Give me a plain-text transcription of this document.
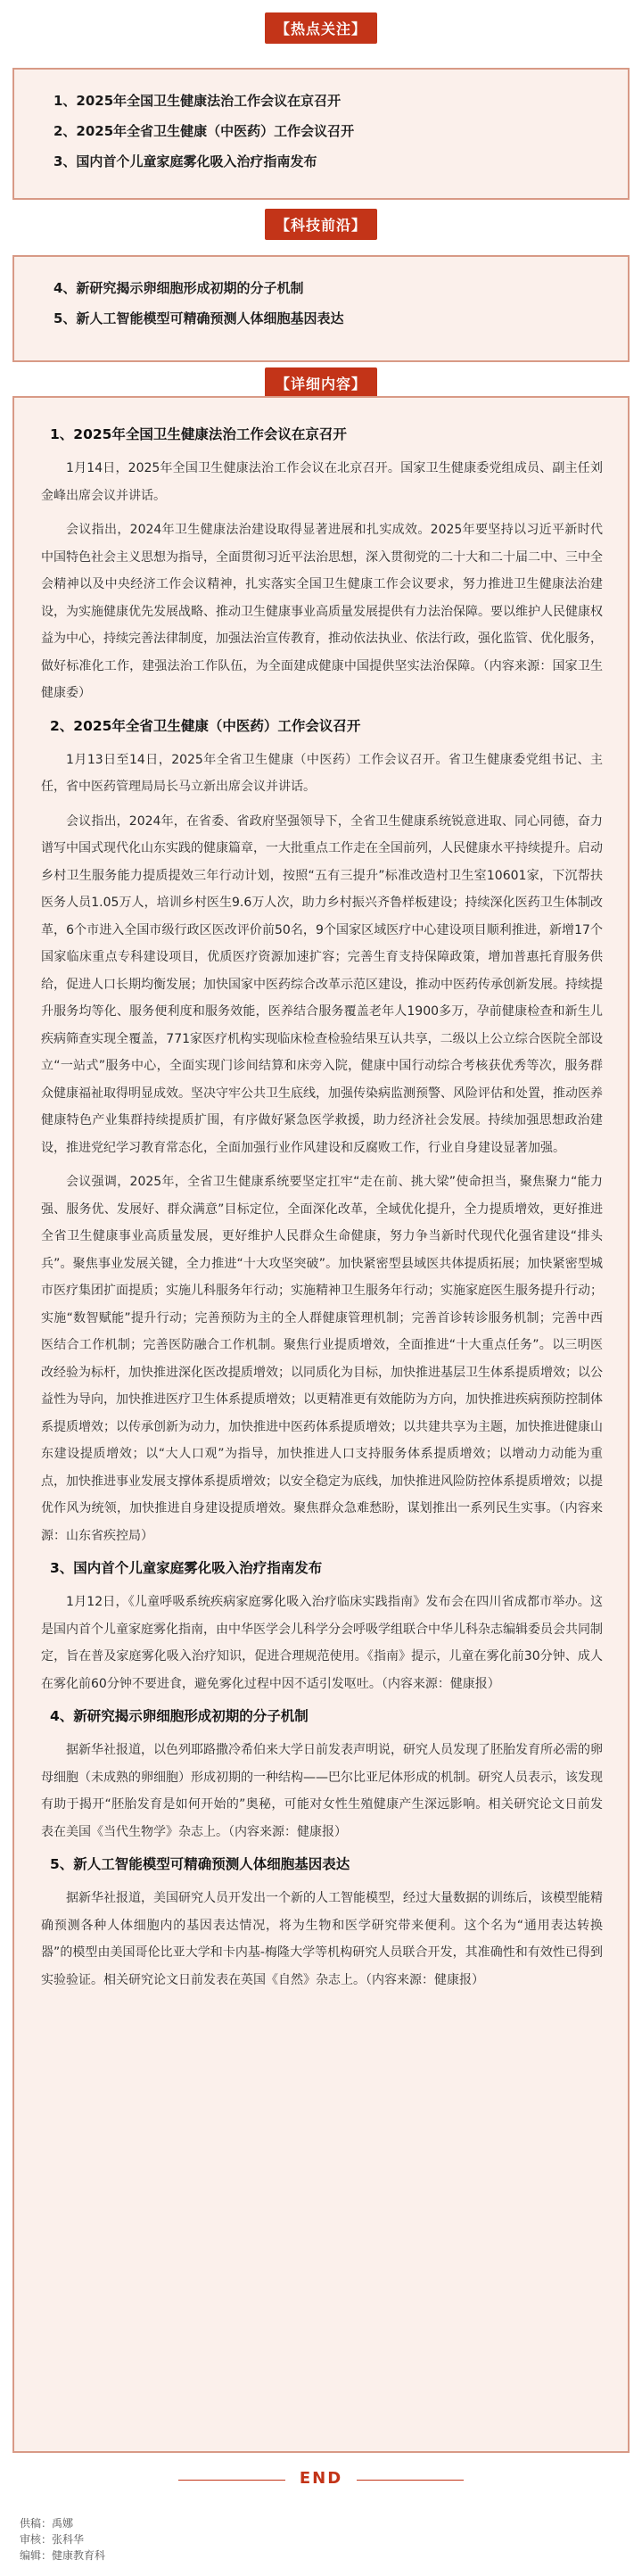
【热点关注】
1、2025年全国卫生健康法治工作会议在京召开
2、2025年全省卫生健康（中医药）工作会议召开
3、国内首个儿童家庭雾化吸入治疗指南发布
【科技前沿】
4、新研究揭示卵细胞形成初期的分子机制
5、新人工智能模型可精确预测人体细胞基因表达
【详细内容】
1、2025年全国卫生健康法治工作会议在京召开

1月14日，2025年全国卫生健康法治工作会议在北京召开。国家卫生健康委党组成员、副主任刘金峰出席会议并讲话。

会议指出，2024年卫生健康法治建设取得显著进展和扎实成效。2025年要坚持以习近平新时代中国特色社会主义思想为指导，全面贯彻习近平法治思想，深入贯彻党的二十大和二十届二中、三中全会精神以及中央经济工作会议精神，扎实落实全国卫生健康工作会议要求，努力推进卫生健康法治建设，为实施健康优先发展战略、推动卫生健康事业高质量发展提供有力法治保障。要以维护人民健康权益为中心，持续完善法律制度，加强法治宣传教育，推动依法执业、依法行政，强化监管、优化服务，做好标准化工作，建强法治工作队伍，为全面建成健康中国提供坚实法治保障。（内容来源：国家卫生健康委）

2、2025年全省卫生健康（中医药）工作会议召开

1月13日至14日，2025年全省卫生健康（中医药）工作会议召开。省卫生健康委党组书记、主任，省中医药管理局局长马立新出席会议并讲话。

会议指出，2024年，在省委、省政府坚强领导下，全省卫生健康系统锐意进取、同心同德，奋力谱写中国式现代化山东实践的健康篇章，一大批重点工作走在全国前列，人民健康水平持续提升。启动乡村卫生服务能力提质提效三年行动计划，按照“五有三提升”标准改造村卫生室10601家，下沉帮扶医务人员1.05万人，培训乡村医生9.6万人次，助力乡村振兴齐鲁样板建设；持续深化医药卫生体制改革，6个市进入全国市级行政区医改评价前50名，9个国家区域医疗中心建设项目顺利推进，新增17个国家临床重点专科建设项目，优质医疗资源加速扩容；完善生育支持保障政策，增加普惠托育服务供给，促进人口长期均衡发展；加快国家中医药综合改革示范区建设，推动中医药传承创新发展。持续提升服务均等化、服务便利度和服务效能，医养结合服务覆盖老年人1900多万，孕前健康检查和新生儿疾病筛查实现全覆盖，771家医疗机构实现临床检查检验结果互认共享，二级以上公立综合医院全部设立“一站式”服务中心，全面实现门诊间结算和床旁入院，健康中国行动综合考核获优秀等次，服务群众健康福祉取得明显成效。坚决守牢公共卫生底线，加强传染病监测预警、风险评估和处置，推动医养健康特色产业集群持续提质扩围，有序做好紧急医学救援，助力经济社会发展。持续加强思想政治建设，推进党纪学习教育常态化，全面加强行业作风建设和反腐败工作，行业自身建设显著加强。

会议强调，2025年，全省卫生健康系统要坚定扛牢“走在前、挑大梁”使命担当，聚焦聚力“能力强、服务优、发展好、群众满意”目标定位，全面深化改革，全域优化提升，全力提质增效，更好推进全省卫生健康事业高质量发展，更好维护人民群众生命健康，努力争当新时代现代化强省建设“排头兵”。聚焦事业发展关键，全力推进“十大攻坚突破”。加快紧密型县域医共体提质拓展；加快紧密型城市医疗集团扩面提质；实施儿科服务年行动；实施精神卫生服务年行动；实施家庭医生服务提升行动；实施“数智赋能”提升行动；完善预防为主的全人群健康管理机制；完善首诊转诊服务机制；完善中西医结合工作机制；完善医防融合工作机制。聚焦行业提质增效，全面推进“十大重点任务”。以三明医改经验为标杆，加快推进深化医改提质增效；以同质化为目标，加快推进基层卫生体系提质增效；以公益性为导向，加快推进医疗卫生体系提质增效；以更精准更有效能防为方向，加快推进疾病预防控制体系提质增效；以传承创新为动力，加快推进中医药体系提质增效；以共建共享为主题，加快推进健康山东建设提质增效；以“大人口观”为指导，加快推进人口支持服务体系提质增效；以增动力动能为重点，加快推进事业发展支撑体系提质增效；以安全稳定为底线，加快推进风险防控体系提质增效；以提优作风为统领，加快推进自身建设提质增效。聚焦群众急难愁盼，谋划推出一系列民生实事。（内容来源：山东省疾控局）

3、国内首个儿童家庭雾化吸入治疗指南发布

1月12日，《儿童呼吸系统疾病家庭雾化吸入治疗临床实践指南》发布会在四川省成都市举办。这是国内首个儿童家庭雾化指南，由中华医学会儿科学分会呼吸学组联合中华儿科杂志编辑委员会共同制定，旨在普及家庭雾化吸入治疗知识，促进合理规范使用。《指南》提示，儿童在雾化前30分钟、成人在雾化前60分钟不要进食，避免雾化过程中因不适引发呕吐。（内容来源：健康报）

4、新研究揭示卵细胞形成初期的分子机制

据新华社报道，以色列耶路撒冷希伯来大学日前发表声明说，研究人员发现了胚胎发育所必需的卵母细胞（未成熟的卵细胞）形成初期的一种结构——巴尔比亚尼体形成的机制。研究人员表示，该发现有助于揭开“胚胎发育是如何开始的”奥秘，可能对女性生殖健康产生深远影响。相关研究论文日前发表在美国《当代生物学》杂志上。（内容来源：健康报）

5、新人工智能模型可精确预测人体细胞基因表达

据新华社报道，美国研究人员开发出一个新的人工智能模型，经过大量数据的训练后，该模型能精确预测各种人体细胞内的基因表达情况，将为生物和医学研究带来便利。这个名为“通用表达转换器”的模型由美国哥伦比亚大学和卡内基-梅隆大学等机构研究人员联合开发，其准确性和有效性已得到实验验证。相关研究论文日前发表在英国《自然》杂志上。（内容来源：健康报）

END
供稿：禹娜
审核：张科华
编辑：健康教育科
